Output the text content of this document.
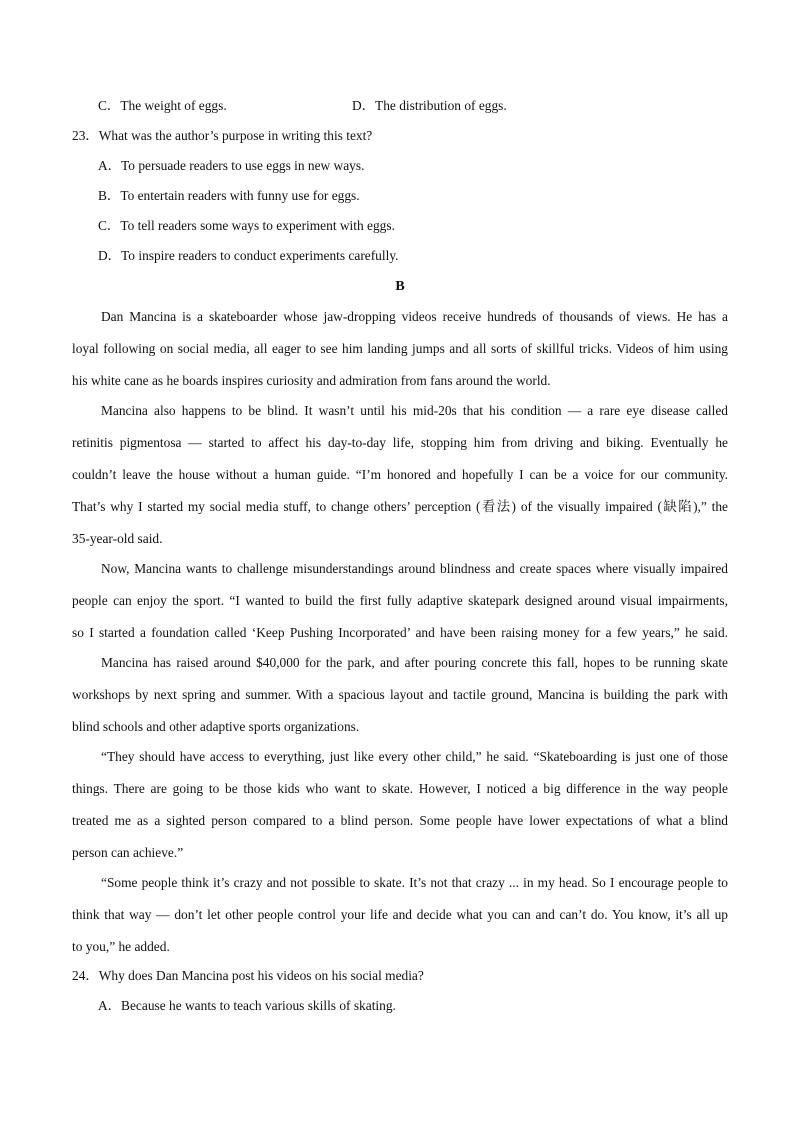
C．The weight of eggs.	D．The distribution of eggs.
23．What was the author’s purpose in writing this text?
A．To persuade readers to use eggs in new ways.
B．To entertain readers with funny use for eggs.
C．To tell readers some ways to experiment with eggs.
D．To inspire readers to conduct experiments carefully.
B
Dan Mancina is a skateboarder whose jaw-dropping videos receive hundreds of thousands of views. He has a
loyal following on social media, all eager to see him landing jumps and all sorts of skillful tricks. Videos of him using
his white cane as he boards inspires curiosity and admiration from fans around the world.
Mancina also happens to be blind. It wasn’t until his mid-20s that his condition — a rare eye disease called
retinitis pigmentosa — started to affect his day-to-day life, stopping him from driving and biking. Eventually he
couldn’t leave the house without a human guide. “I’m honored and hopefully I can be a voice for our community.
That’s why I started my social media stuff, to change others’ perception (看法) of the visually impaired (缺陷),” the
35-year-old said.
Now, Mancina wants to challenge misunderstandings around blindness and create spaces where visually impaired
people can enjoy the sport. “I wanted to build the first fully adaptive skatepark designed around visual impairments,
so I started a foundation called ‘Keep Pushing Incorporated’ and have been raising money for a few years,” he said.
Mancina has raised around $40,000 for the park, and after pouring concrete this fall, hopes to be running skate
workshops by next spring and summer. With a spacious layout and tactile ground, Mancina is building the park with
blind schools and other adaptive sports organizations.
“They should have access to everything, just like every other child,” he said. “Skateboarding is just one of those
things. There are going to be those kids who want to skate. However, I noticed a big difference in the way people
treated me as a sighted person compared to a blind person. Some people have lower expectations of what a blind
person can achieve.”
“Some people think it’s crazy and not possible to skate. It’s not that crazy ... in my head. So I encourage people to
think that way — don’t let other people control your life and decide what you can and can’t do. You know, it’s all up
to you,” he added.
24．Why does Dan Mancina post his videos on his social media?
A．Because he wants to teach various skills of skating.
